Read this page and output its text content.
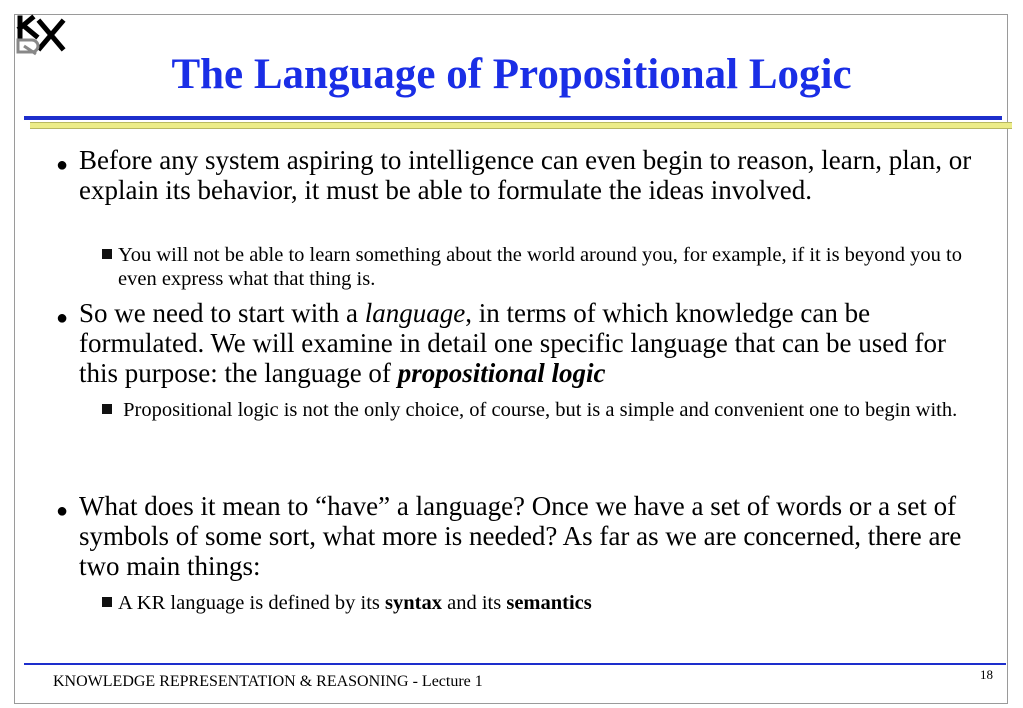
The Language of Propositional Logic
● Before any system aspiring to intelligence can even begin to reason, learn, plan, or explain its behavior, it must be able to formulate the ideas involved.
You will not be able to learn something about the world around you, for example, if it is beyond you to even express what that thing is.
● So we need to start with a language, in terms of which knowledge can be formulated. We will examine in detail one specific language that can be used for this purpose: the language of propositional logic
Propositional logic is not the only choice, of course, but is a simple and convenient one to begin with.
● What does it mean to “have” a language? Once we have a set of words or a set of symbols of some sort, what more is needed? As far as we are concerned, there are two main things:
A KR language is defined by its syntax and its semantics
KNOWLEDGE REPRESENTATION & REASONING - Lecture 1	18
